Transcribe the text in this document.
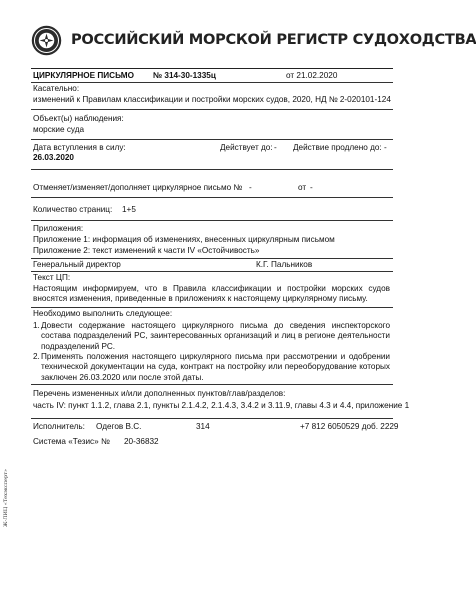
РОССИЙСКИЙ МОРСКОЙ РЕГИСТР СУДОХОДСТВА
ЦИРКУЛЯРНОЕ ПИСЬМО № 314-30-1335ц	от 21.02.2020
Касательно:
изменений к Правилам классификации и постройки морских судов, 2020, НД № 2-020101-124
Объект(ы) наблюдения:
морские суда
Дата вступления в силу:
26.03.2020
Действует до: - Действие продлено до: -
Отменяет/изменяет/дополняет циркулярное письмо № -	от -
Количество страниц: 1+5
Приложения:
Приложение 1: информация об изменениях, внесенных циркулярным письмом
Приложение 2: текст изменений к части IV «Остойчивость»
Генеральный директор	К.Г. Пальников
Текст ЦП:
Настоящим информируем, что в Правила классификации и постройки морских судов вносятся изменения, приведенные в приложениях к настоящему циркулярному письму.
Необходимо выполнить следующее:
1. Довести содержание настоящего циркулярного письма до сведения инспекторского состава подразделений РС, заинтересованных организаций и лиц в регионе деятельности подразделений РС.
2. Применять положения настоящего циркулярного письма при рассмотрении и одобрении технической документации на суда, контракт на постройку или переоборудование которых заключен 26.03.2020 или после этой даты.
Перечень измененных и/или дополненных пунктов/глав/разделов:
часть IV: пункт 1.1.2, глава 2.1, пункты 2.1.4.2, 2.1.4.3, 3.4.2 и 3.11.9, главы 4.3 и 4.4, приложение 1
Исполнитель: Одегов В.С.	314	+7 812 6050529 доб. 2229
Система «Тезис» № 20-36832
Ж-ЛИЦ «Техэксперт»
